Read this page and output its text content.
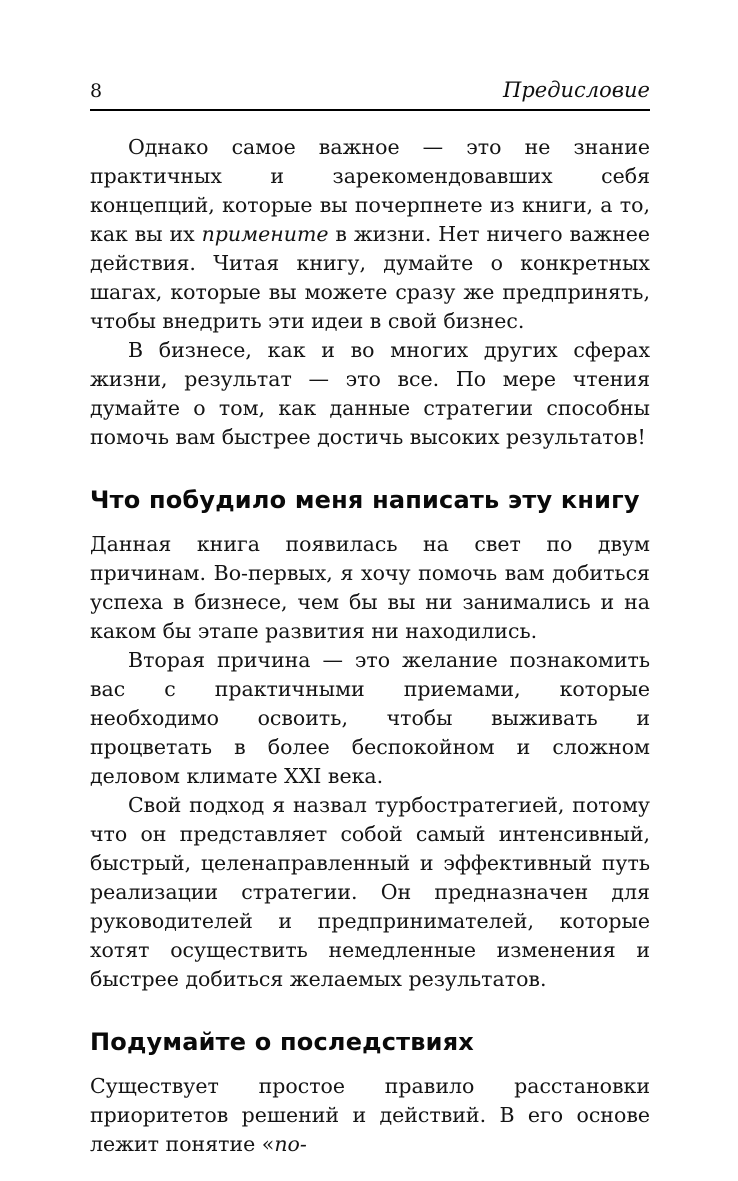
8	Предисловие

Однако самое важное — это не знание практичных и зарекомендовавших себя концепций, которые вы почерпнете из книги, а то, как вы их примените в жизни. Нет ничего важнее действия. Читая книгу, думайте о конкретных шагах, которые вы можете сразу же предпринять, чтобы внедрить эти идеи в свой бизнес.

В бизнесе, как и во многих других сферах жизни, результат — это все. По мере чтения думайте о том, как данные стратегии способны помочь вам быстрее достичь высоких результатов!

Что побудило меня написать эту книгу

Данная книга появилась на свет по двум причинам. Во-первых, я хочу помочь вам добиться успеха в бизнесе, чем бы вы ни занимались и на каком бы этапе развития ни находились.

Вторая причина — это желание познакомить вас с практичными приемами, которые необходимо освоить, чтобы выживать и процветать в более беспокойном и сложном деловом климате XXI века.

Свой подход я назвал турбостратегией, потому что он представляет собой самый интенсивный, быстрый, целенаправленный и эффективный путь реализации стратегии. Он предназначен для руководителей и предпринимателей, которые хотят осуществить немедленные изменения и быстрее добиться желаемых результатов.

Подумайте о последствиях

Существует простое правило расстановки приоритетов решений и действий. В его основе лежит понятие «по-
